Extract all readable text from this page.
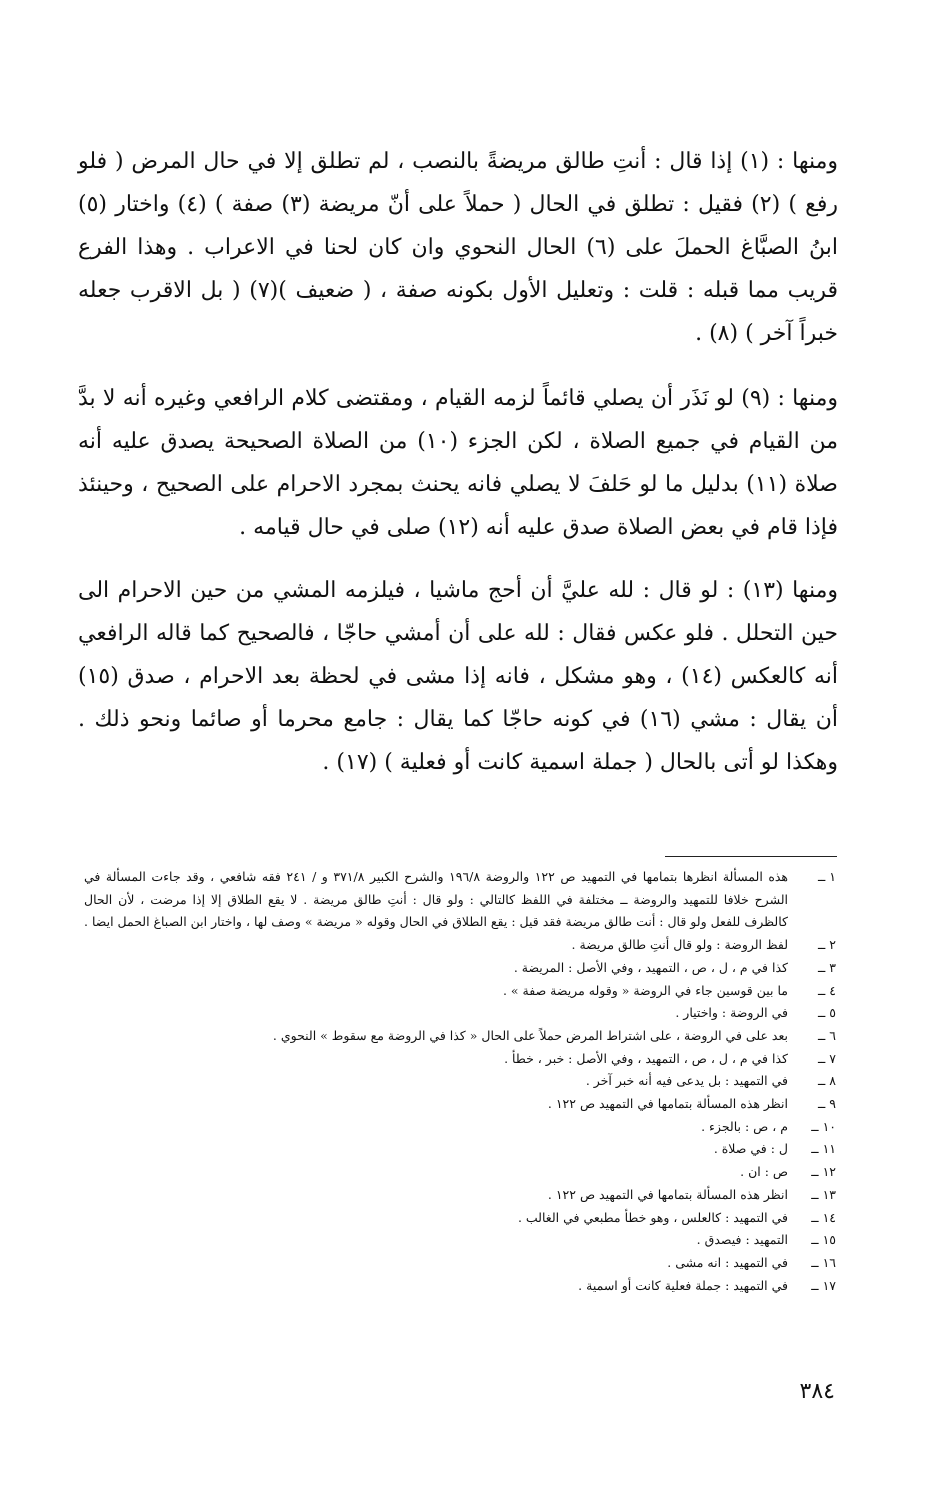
ومنها : (١) إذا قال : أنتِ طالق مريضةً بالنصب ، لم تطلق إلا في حال المرض ( فلو رفع ) (٢) فقيل : تطلق في الحال ( حملاً على أنّ مريضة (٣) صفة ) (٤) واختار (٥) ابنُ الصبَّاغ الحملَ على (٦) الحال النحوي وان كان لحنا في الاعراب . وهذا الفرع قريب مما قبله : قلت : وتعليل الأول بكونه صفة ، ( ضعيف )(٧) ( بل الاقرب جعله خبراً آخر ) (٨) .

ومنها : (٩) لو نَذَر أن يصلي قائماً لزمه القيام ، ومقتضى كلام الرافعي وغيره أنه لا بدَّ من القيام في جميع الصلاة ، لكن الجزء (١٠) من الصلاة الصحيحة يصدق عليه أنه صلاة (١١) بدليل ما لو حَلفَ لا يصلي فانه يحنث بمجرد الاحرام على الصحيح ، وحينئذ فإذا قام في بعض الصلاة صدق عليه أنه (١٢) صلى في حال قيامه .

ومنها (١٣) : لو قال : لله عليَّ أن أحج ماشيا ، فيلزمه المشي من حين الاحرام الى حين التحلل . فلو عكس فقال : لله على أن أمشي حاجّا ، فالصحيح كما قاله الرافعي أنه كالعكس (١٤) ، وهو مشكل ، فانه إذا مشى في لحظة بعد الاحرام ، صدق (١٥) أن يقال : مشي (١٦) في كونه حاجّا كما يقال : جامع محرما أو صائما ونحو ذلك . وهكذا لو أتى بالحال ( جملة اسمية كانت أو فعلية ) (١٧) .

١ ــ
هذه المسألة انظرها بتمامها في التمهيد ص ١٢٢ والروضة ١٩٦/٨ والشرح الكبير ٣٧١/٨ و / ٢٤١ فقه شافعي ، وقد جاءت المسألة في الشرح خلافا للتمهيد والروضة ــ مختلفة في اللفظ كالتالي : ولو قال : أنتِ طالق مريضة . لا يقع الطلاق إلا إذا مرضت ، لأن الحال كالظرف للفعل ولو قال : أنت طالق مريضة فقد قيل : يقع الطلاق في الحال وقوله « مريضة » وصف لها ، واختار ابن الصباغ الحمل ايضا .
٢ ــ
لفظ الروضة : ولو قال أنتِ طالق مريضة .
٣ ــ
كذا في م ، ل ، ص ، التمهيد ، وفي الأصل : المريضة .
٤ ــ
ما بين قوسين جاء في الروضة « وقوله مريضة صفة » .
٥ ــ
في الروضة : واختيار .
٦ ــ
بعد على في الروضة ، على اشتراط المرض حملاً على الحال « كذا في الروضة مع سقوط » النحوي .
٧ ــ
كذا في م ، ل ، ص ، التمهيد ، وفي الأصل : خبر ، خطأ .
٨ ــ
في التمهيد : بل يدعى فيه أنه خبر آخر .
٩ ــ
انظر هذه المسألة بتمامها في التمهيد ص ١٢٢ .
١٠ ــ
م ، ص : بالجزء .
١١ ــ
ل : في صلاة .
١٢ ــ
ص : ان .
١٣ ــ
انظر هذه المسألة بتمامها في التمهيد ص ١٢٢ .
١٤ ــ
في التمهيد : كالعلس ، وهو خطأ مطبعي في الغالب .
١٥ ــ
التمهيد : فيصدق .
١٦ ــ
في التمهيد : انه مشى .
١٧ ــ
في التمهيد : جملة فعلية كانت أو اسمية .
٣٨٤
